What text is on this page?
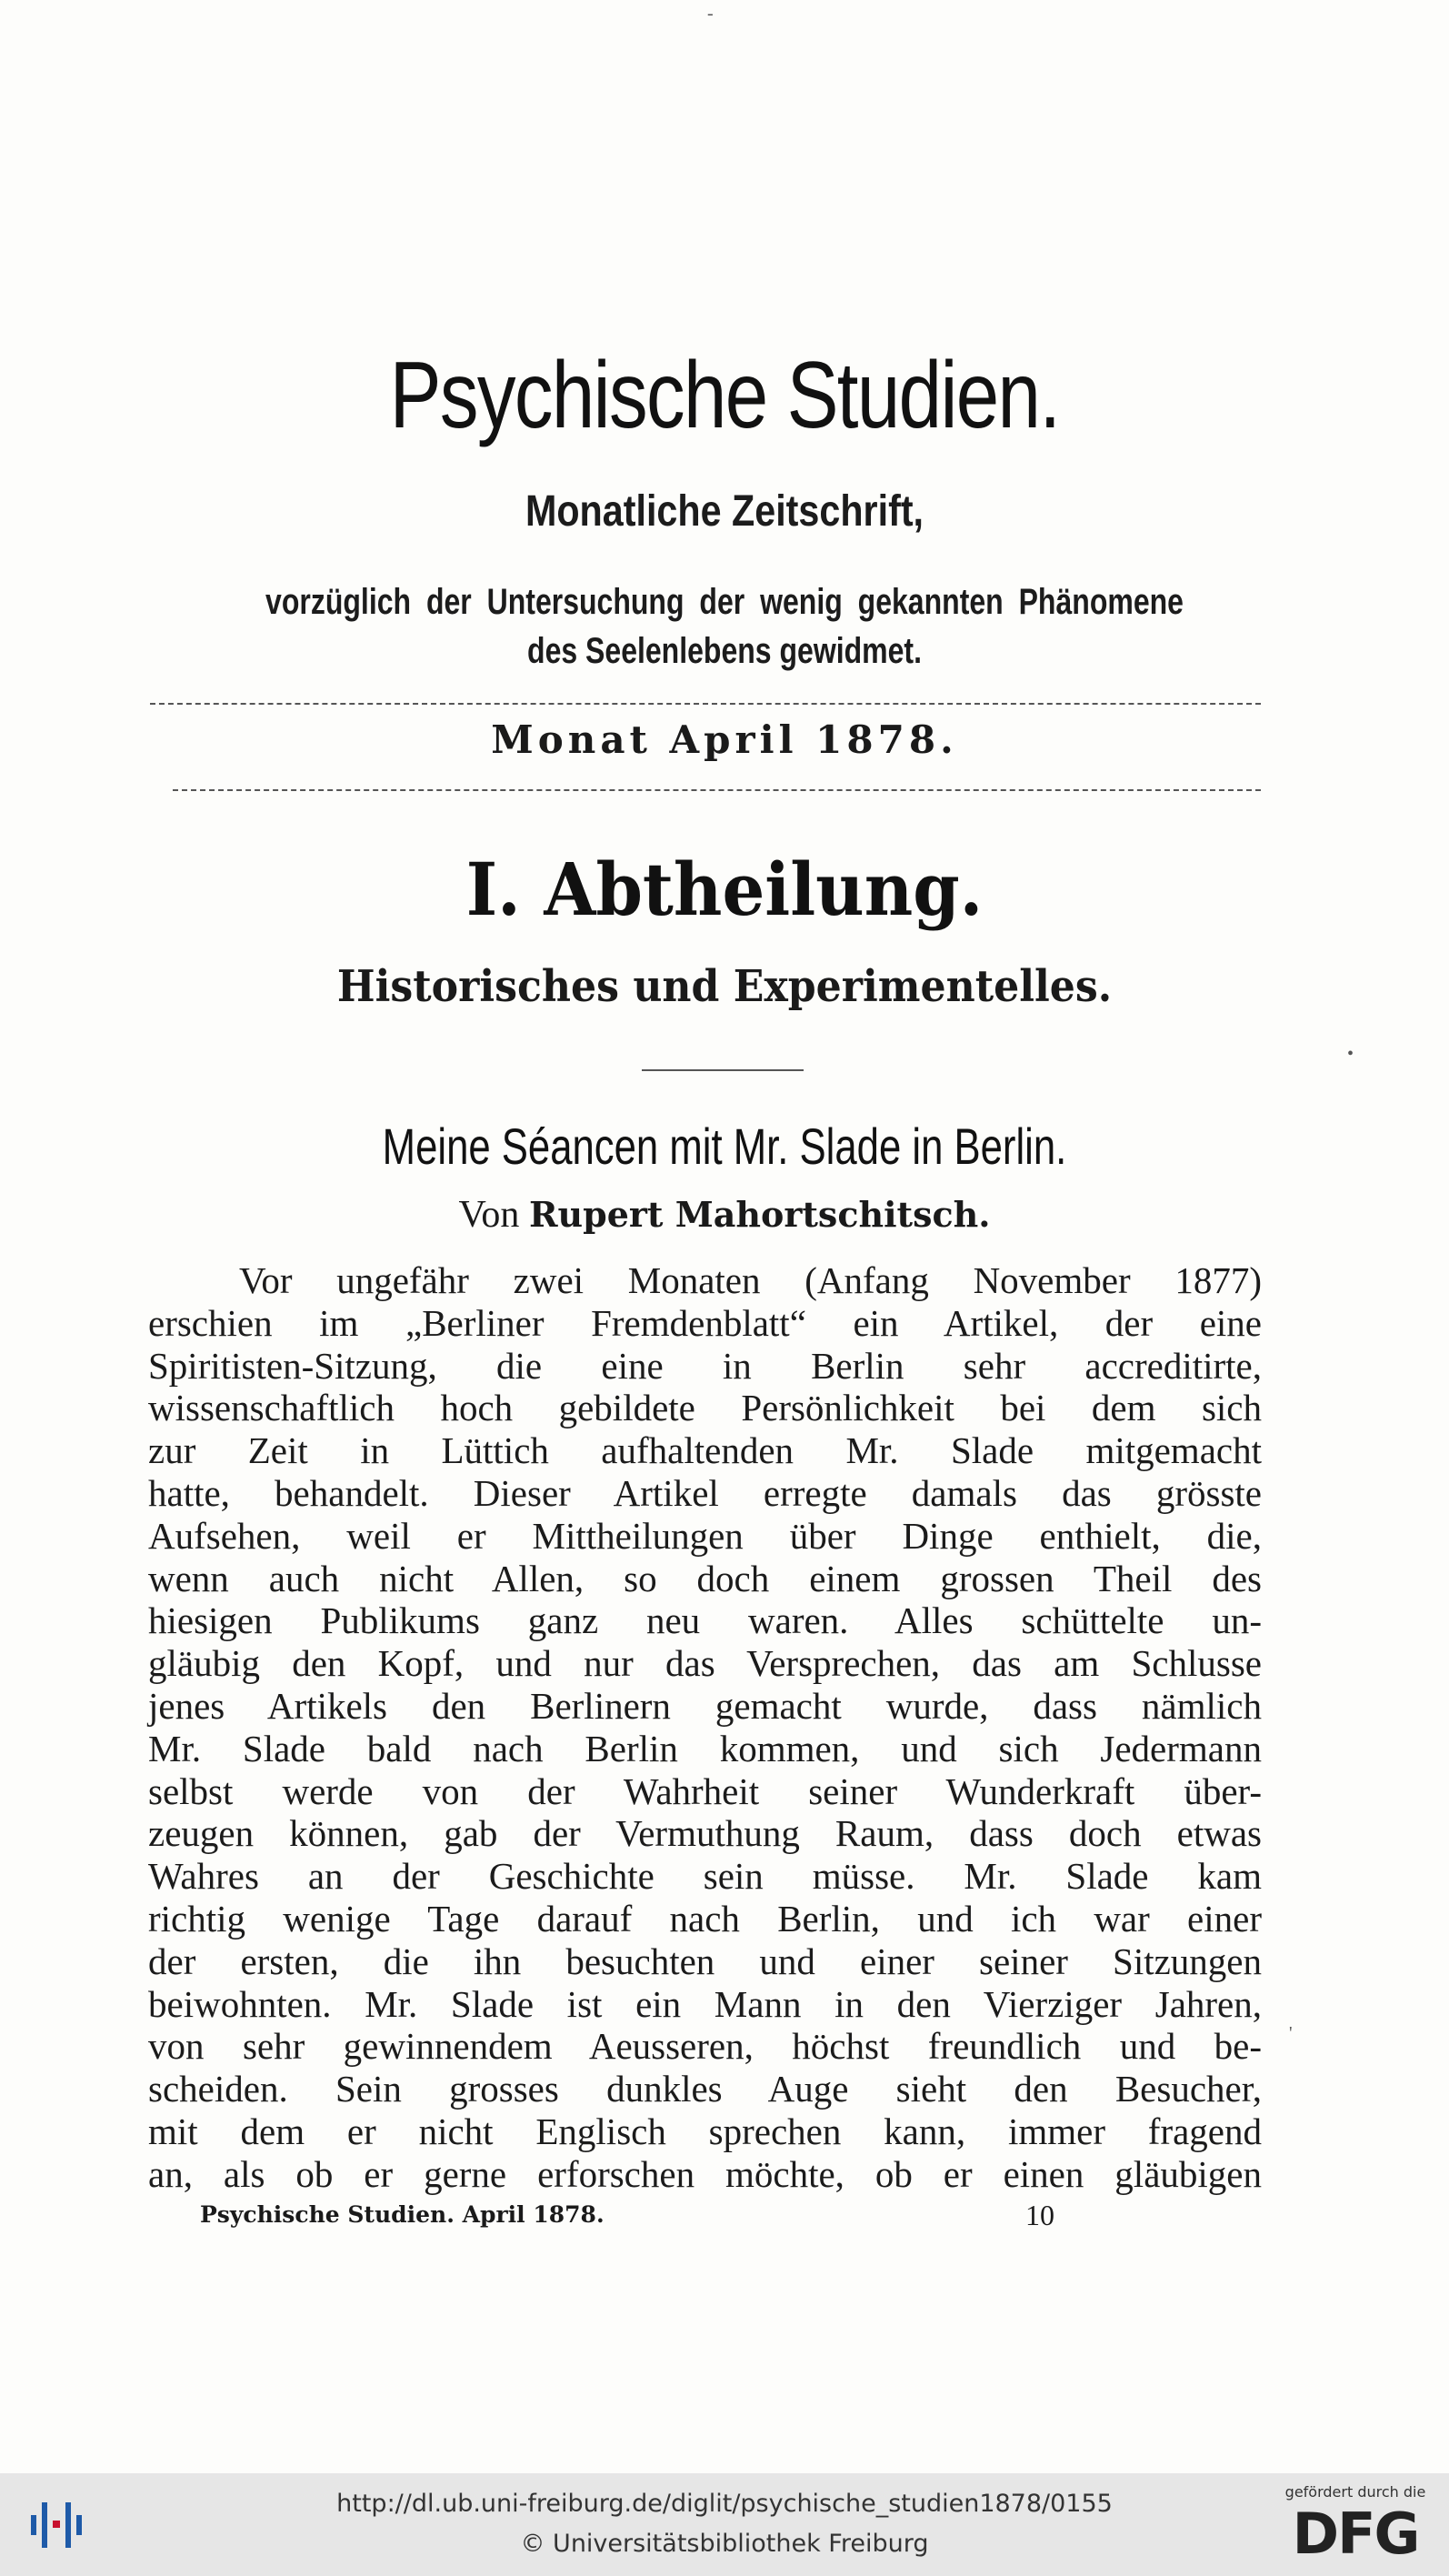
Psychische Studien.
Monatliche Zeitschrift,
vorzüglich der Untersuchung der wenig gekannten Phänomene
des Seelenlebens gewidmet.
Monat April 1878.
I. Abtheilung.
Historisches und Experimentelles.
Meine Séancen mit Mr. Slade in Berlin.
Von Rupert Mahortschitsch.
Vor ungefähr zwei Monaten (Anfang November 1877)
erschien im „Berliner Fremdenblatt“ ein Artikel, der eine
Spiritisten-Sitzung, die eine in Berlin sehr accreditirte,
wissenschaftlich hoch gebildete Persönlichkeit bei dem sich
zur Zeit in Lüttich aufhaltenden Mr. Slade mitgemacht
hatte, behandelt. Dieser Artikel erregte damals das grösste
Aufsehen, weil er Mittheilungen über Dinge enthielt, die,
wenn auch nicht Allen, so doch einem grossen Theil des
hiesigen Publikums ganz neu waren. Alles schüttelte un-
gläubig den Kopf, und nur das Versprechen, das am Schlusse
jenes Artikels den Berlinern gemacht wurde, dass nämlich
Mr. Slade bald nach Berlin kommen, und sich Jedermann
selbst werde von der Wahrheit seiner Wunderkraft über-
zeugen können, gab der Vermuthung Raum, dass doch etwas
Wahres an der Geschichte sein müsse. Mr. Slade kam
richtig wenige Tage darauf nach Berlin, und ich war einer
der ersten, die ihn besuchten und einer seiner Sitzungen
beiwohnten. Mr. Slade ist ein Mann in den Vierziger Jahren,
von sehr gewinnendem Aeusseren, höchst freundlich und be-
scheiden. Sein grosses dunkles Auge sieht den Besucher,
mit dem er nicht Englisch sprechen kann, immer fragend
an, als ob er gerne erforschen möchte, ob er einen gläubigen
Psychische Studien. April 1878.	10
-
•
'
http://dl.ub.uni-freiburg.de/diglit/psychische_studien1878/0155
© Universitätsbibliothek Freiburg
gefördert durch die
DFG
